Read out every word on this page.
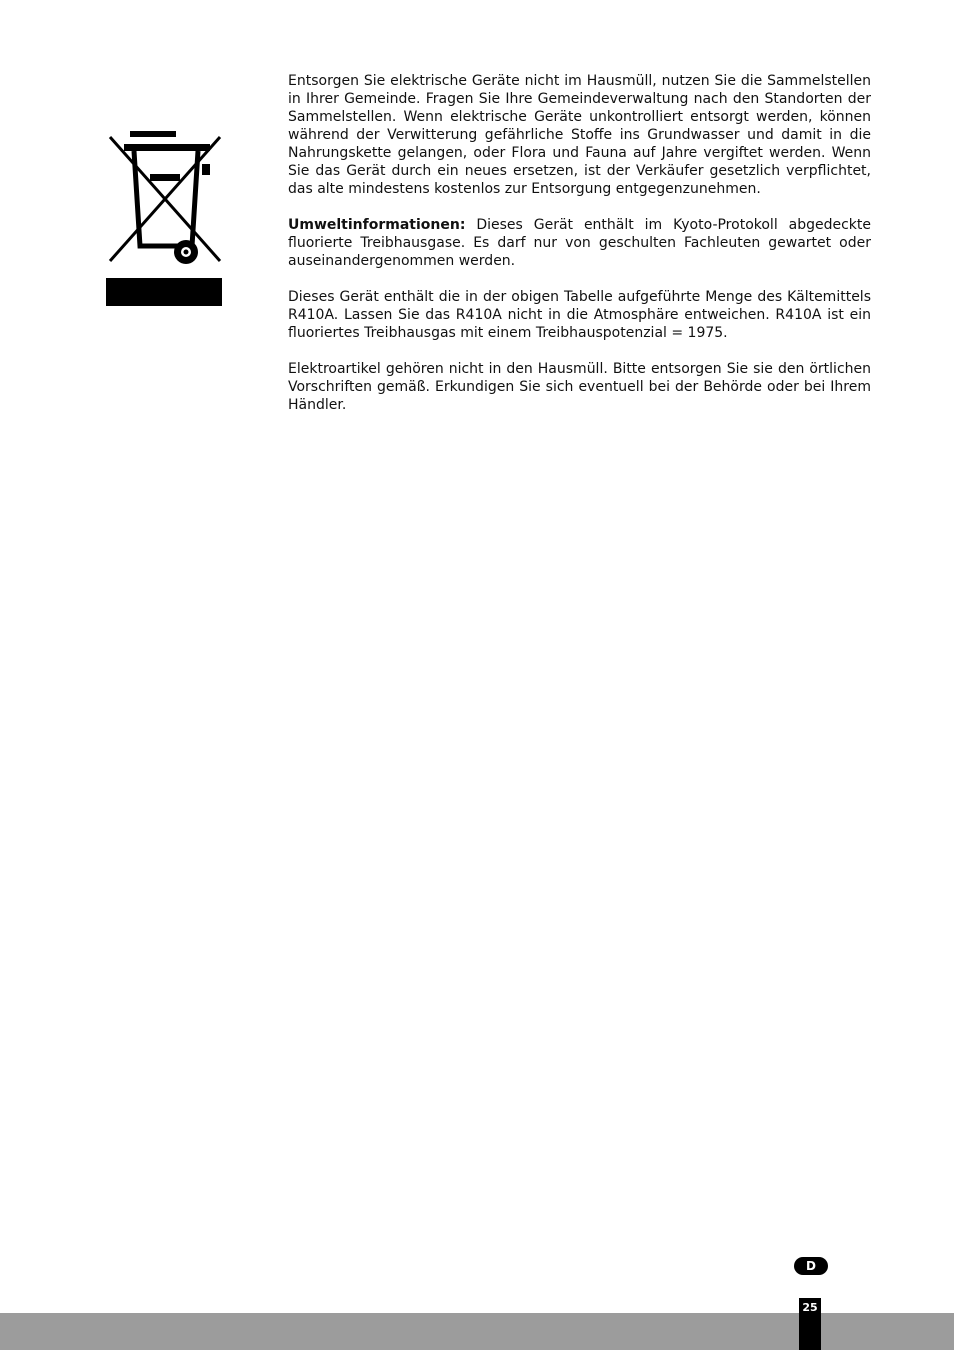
Entsorgen Sie elektrische Geräte nicht im Hausmüll, nutzen Sie die Sammelstellen in Ihrer Gemeinde. Fragen Sie Ihre Gemeindeverwaltung nach den Standorten der Sammelstellen. Wenn elektrische Geräte unkontrolliert entsorgt werden, können während der Verwitterung gefährliche Stoffe ins Grundwasser und damit in die Nahrungskette gelangen, oder Flora und Fauna auf Jahre vergiftet werden. Wenn Sie das Gerät durch ein neues ersetzen, ist der Verkäufer gesetzlich verpflichtet, das alte mindestens kostenlos zur Entsorgung entgegenzunehmen.

Umweltinformationen: Dieses Gerät enthält im Kyoto-Protokoll abgedeckte fluorierte Treibhausgase. Es darf nur von geschulten Fachleuten gewartet oder auseinandergenommen werden.

Dieses Gerät enthält die in der obigen Tabelle aufgeführte Menge des Kältemittels R410A. Lassen Sie das R410A nicht in die Atmosphäre entweichen. R410A ist ein fluoriertes Treibhausgas mit einem Treibhauspotenzial = 1975.

Elektroartikel gehören nicht in den Hausmüll. Bitte entsorgen Sie sie den örtlichen Vorschriften gemäß. Erkundigen Sie sich eventuell bei der Behörde oder bei Ihrem Händler.

D
25
